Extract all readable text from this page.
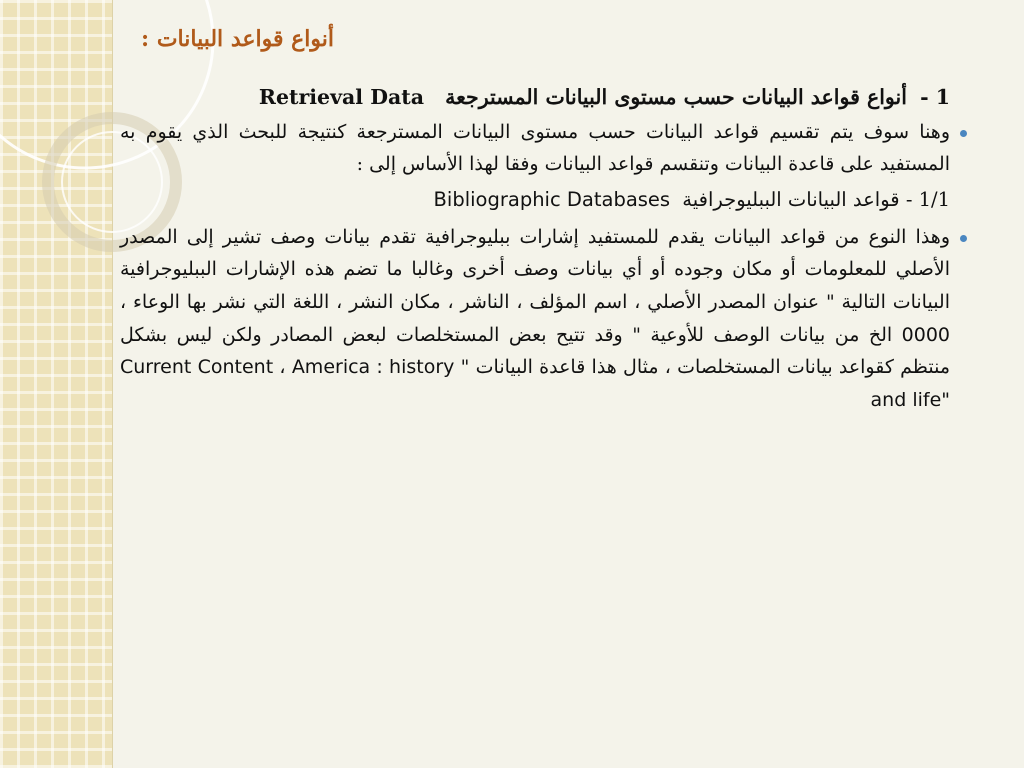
أنواع قواعد البيانات :
1 - أنواع قواعد البيانات حسب مستوى البيانات المسترجعة Retrieval Data

وهنا سوف يتم تقسيم قواعد البيانات حسب مستوى البيانات المسترجعة كنتيجة للبحث الذي يقوم به المستفيد على قاعدة البيانات وتنقسم قواعد البيانات وفقا لهذا الأساس إلى :

1/1 - قواعد البيانات الببليوجرافية Bibliographic Databases

وهذا النوع من قواعد البيانات يقدم للمستفيد إشارات ببليوجرافية تقدم بيانات وصف تشير إلى المصدر الأصلي للمعلومات أو مكان وجوده أو أي بيانات وصف أخرى وغالبا ما تضم هذه الإشارات الببليوجرافية البيانات التالية " عنوان المصدر الأصلي ، اسم المؤلف ، الناشر ، مكان النشر ، اللغة التي نشر بها الوعاء ، 0000 الخ من بيانات الوصف للأوعية " وقد تتيح بعض المستخلصات لبعض المصادر ولكن ليس بشكل منتظم كقواعد بيانات المستخلصات ، مثال هذا قاعدة البيانات " Current Content ، America : history and life"
